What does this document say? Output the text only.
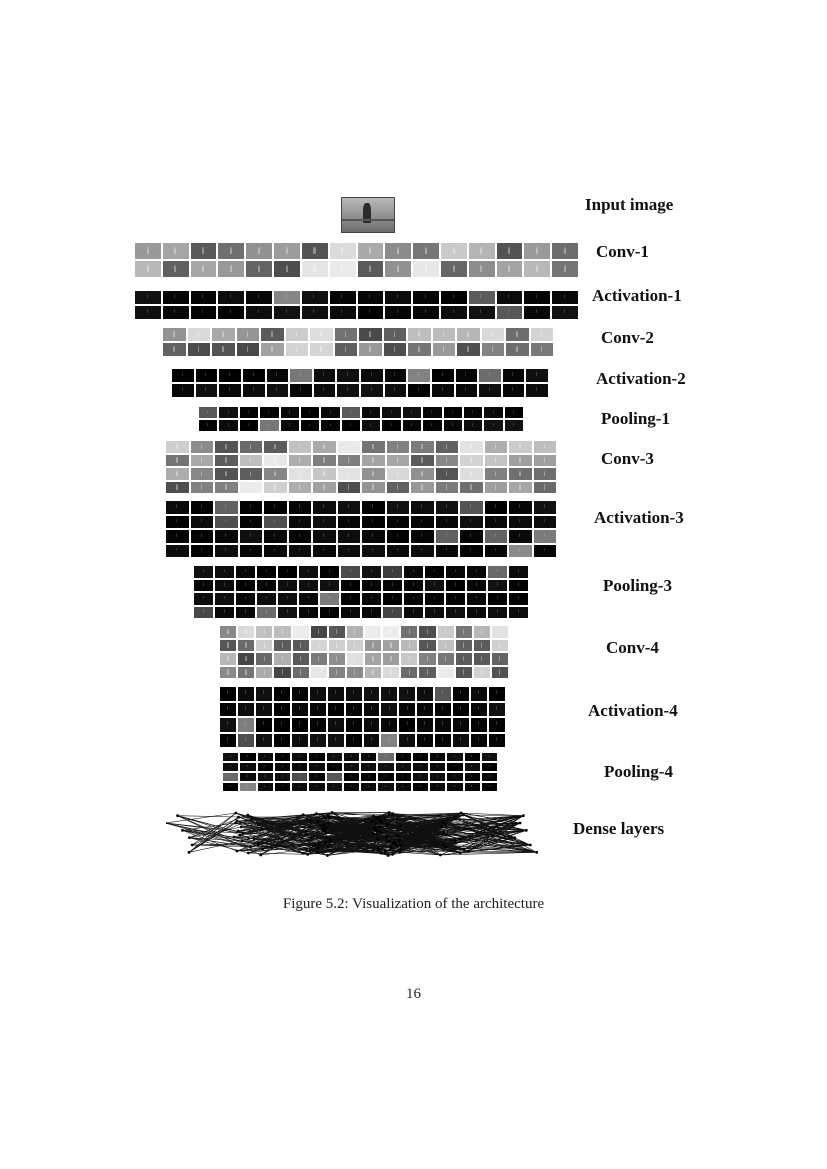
Input image
Conv-1
Activation-1
Conv-2
Activation-2
Pooling-1
Conv-3
Activation-3
Pooling-3
Conv-4
Activation-4
Pooling-4
Dense layers
Figure 5.2: Visualization of the architecture
16
